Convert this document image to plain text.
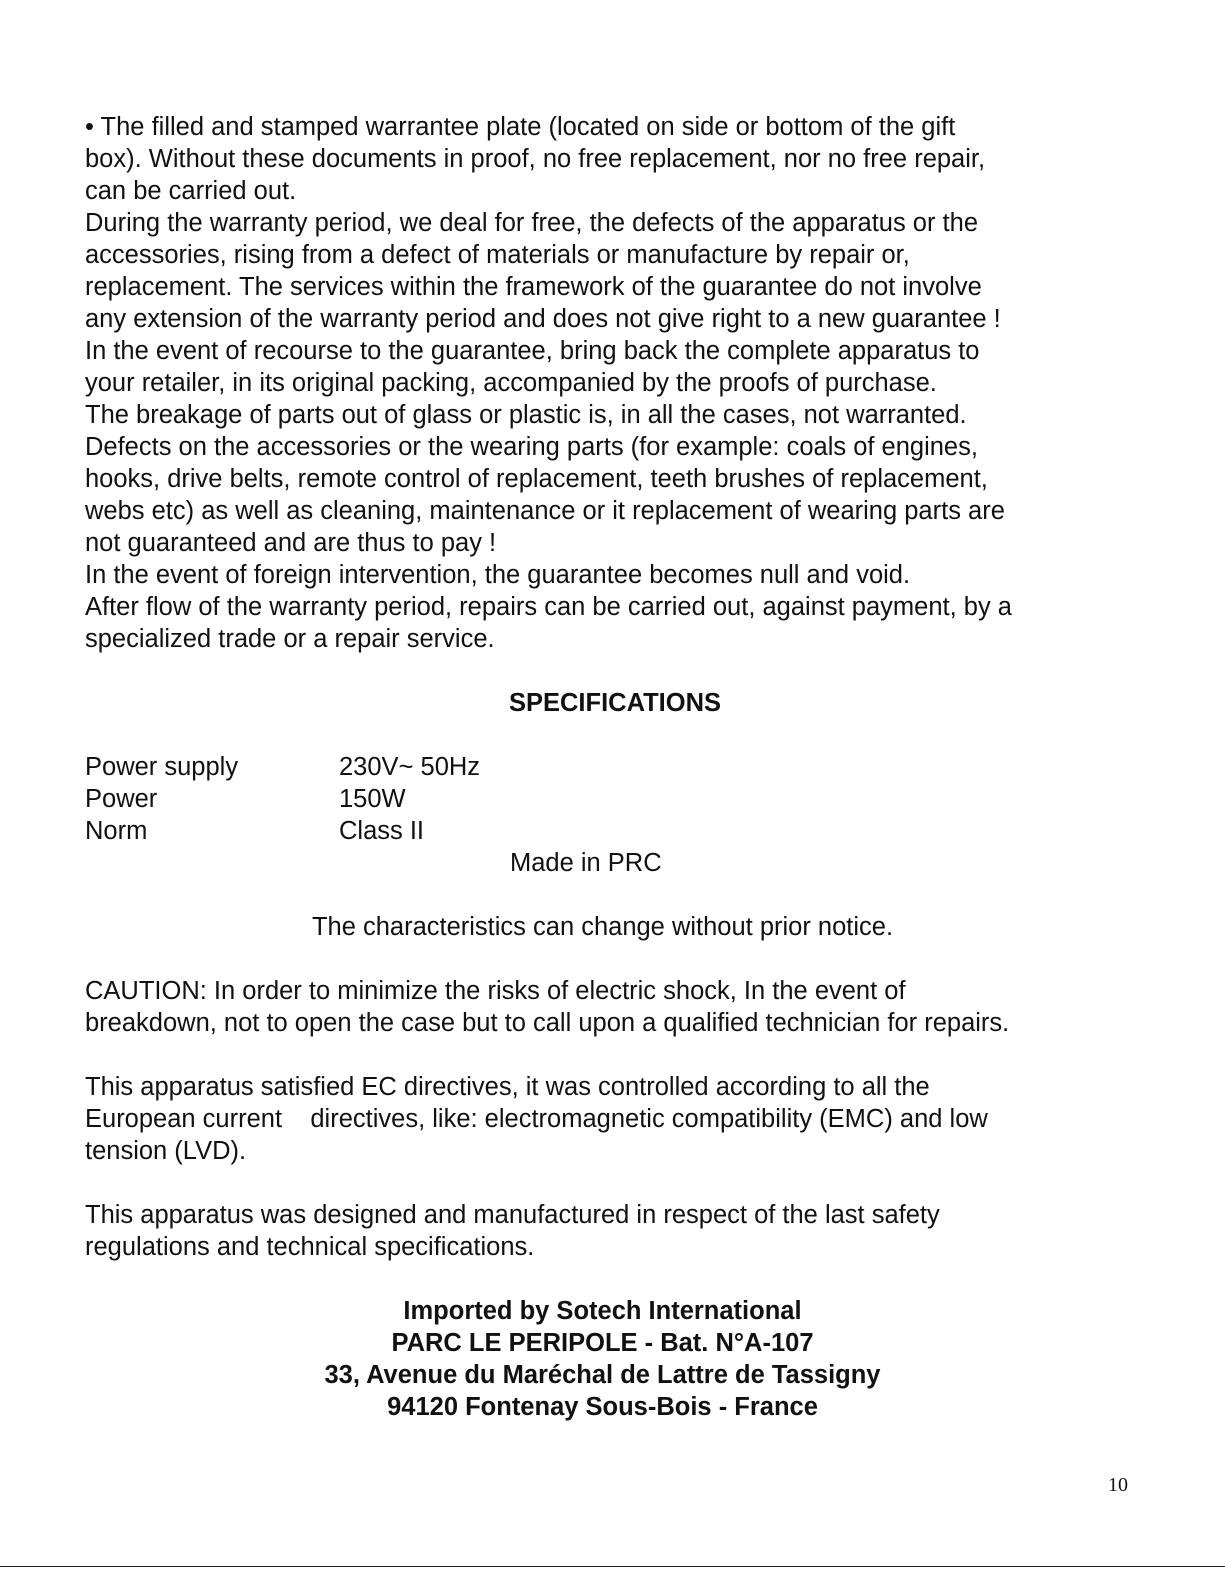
• The filled and stamped warrantee plate (located on side or bottom of the gift

box). Without these documents in proof, no free replacement, nor no free repair,

can be carried out.

During the warranty period, we deal for free, the defects of the apparatus or the

accessories, rising from a defect of materials or manufacture by repair or,

replacement. The services within the framework of the guarantee do not involve

any extension of the warranty period and does not give right to a new guarantee !

In the event of recourse to the guarantee, bring back the complete apparatus to

your retailer, in its original packing, accompanied by the proofs of purchase.

The breakage of parts out of glass or plastic is, in all the cases, not warranted.

Defects on the accessories or the wearing parts (for example: coals of engines,

hooks, drive belts, remote control of replacement, teeth brushes of replacement,

webs etc) as well as cleaning, maintenance or it replacement of wearing parts are

not guaranteed and are thus to pay !

In the event of foreign intervention, the guarantee becomes null and void.

After flow of the warranty period, repairs can be carried out, against payment, by a

specialized trade or a repair service.

SPECIFICATIONS
Power supply	230V~ 50Hz
Power	150W
Norm	Class II

Made in PRC

The characteristics can change without prior notice.

CAUTION: In order to minimize the risks of electric shock, In the event of

breakdown, not to open the case but to call upon a qualified technician for repairs.

This apparatus satisfied EC directives, it was controlled according to all the

European current    directives, like: electromagnetic compatibility (EMC) and low

tension (LVD).

This apparatus was designed and manufactured in respect of the last safety

regulations and technical specifications.

Imported by Sotech International

PARC LE PERIPOLE - Bat. N°A-107

33, Avenue du Maréchal de Lattre de Tassigny

94120 Fontenay Sous-Bois - France

10
